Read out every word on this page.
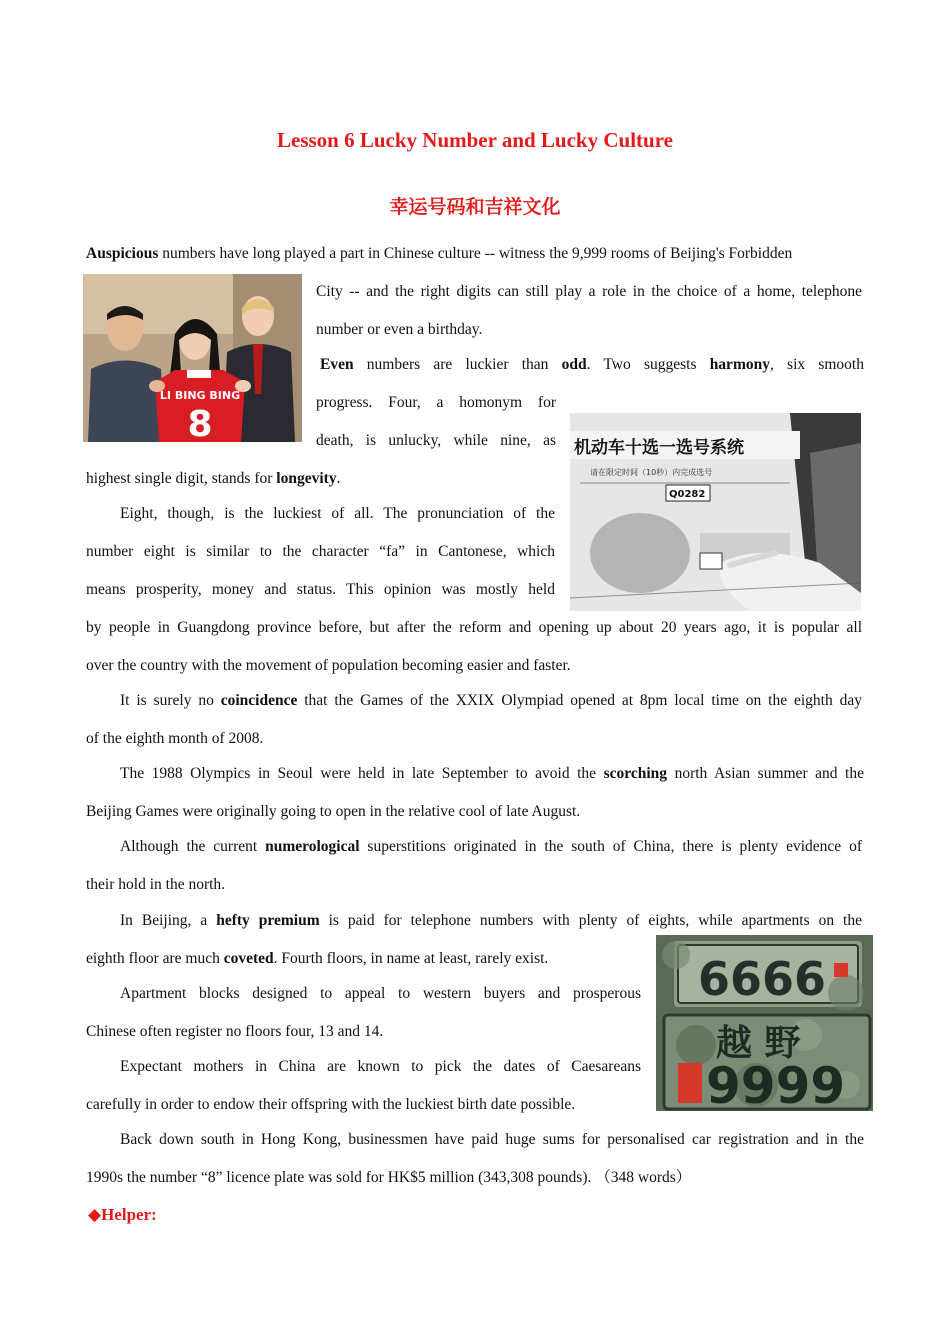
Lesson 6 Lucky Number and Lucky Culture
幸运号码和吉祥文化
LI BING BING
8
机动车十选一选号系统
请在限定时间（10秒）内完成选号
Q0282
6666
越 野
9999
Auspicious numbers have long played a part in Chinese culture -- witness the 9,999 rooms of Beijing's Forbidden
City -- and the right digits can still play a role in the choice of a home, telephone
number or even a birthday.
Even numbers are luckier than odd. Two suggests harmony, six smooth
progress. Four, a homonym for
death, is unlucky, while nine, as
highest single digit, stands for longevity.
Eight, though, is the luckiest of all. The pronunciation of the
number eight is similar to the character “fa” in Cantonese, which
means prosperity, money and status. This opinion was mostly held
by people in Guangdong province before, but after the reform and opening up about 20 years ago, it is popular all
over the country with the movement of population becoming easier and faster.
It is surely no coincidence that the Games of the XXIX Olympiad opened at 8pm local time on the eighth day
of the eighth month of 2008.
The 1988 Olympics in Seoul were held in late September to avoid the scorching north Asian summer and the
Beijing Games were originally going to open in the relative cool of late August.
Although the current numerological superstitions originated in the south of China, there is plenty evidence of
their hold in the north.
In Beijing, a hefty premium is paid for telephone numbers with plenty of eights, while apartments on the
eighth floor are much coveted. Fourth floors, in name at least, rarely exist.
Apartment blocks designed to appeal to western buyers and prosperous
Chinese often register no floors four, 13 and 14.
Expectant mothers in China are known to pick the dates of Caesareans
carefully in order to endow their offspring with the luckiest birth date possible.
Back down south in Hong Kong, businessmen have paid huge sums for personalised car registration and in the
1990s the number “8” licence plate was sold for HK$5 million (343,308 pounds). （348 words）
◆Helper:
